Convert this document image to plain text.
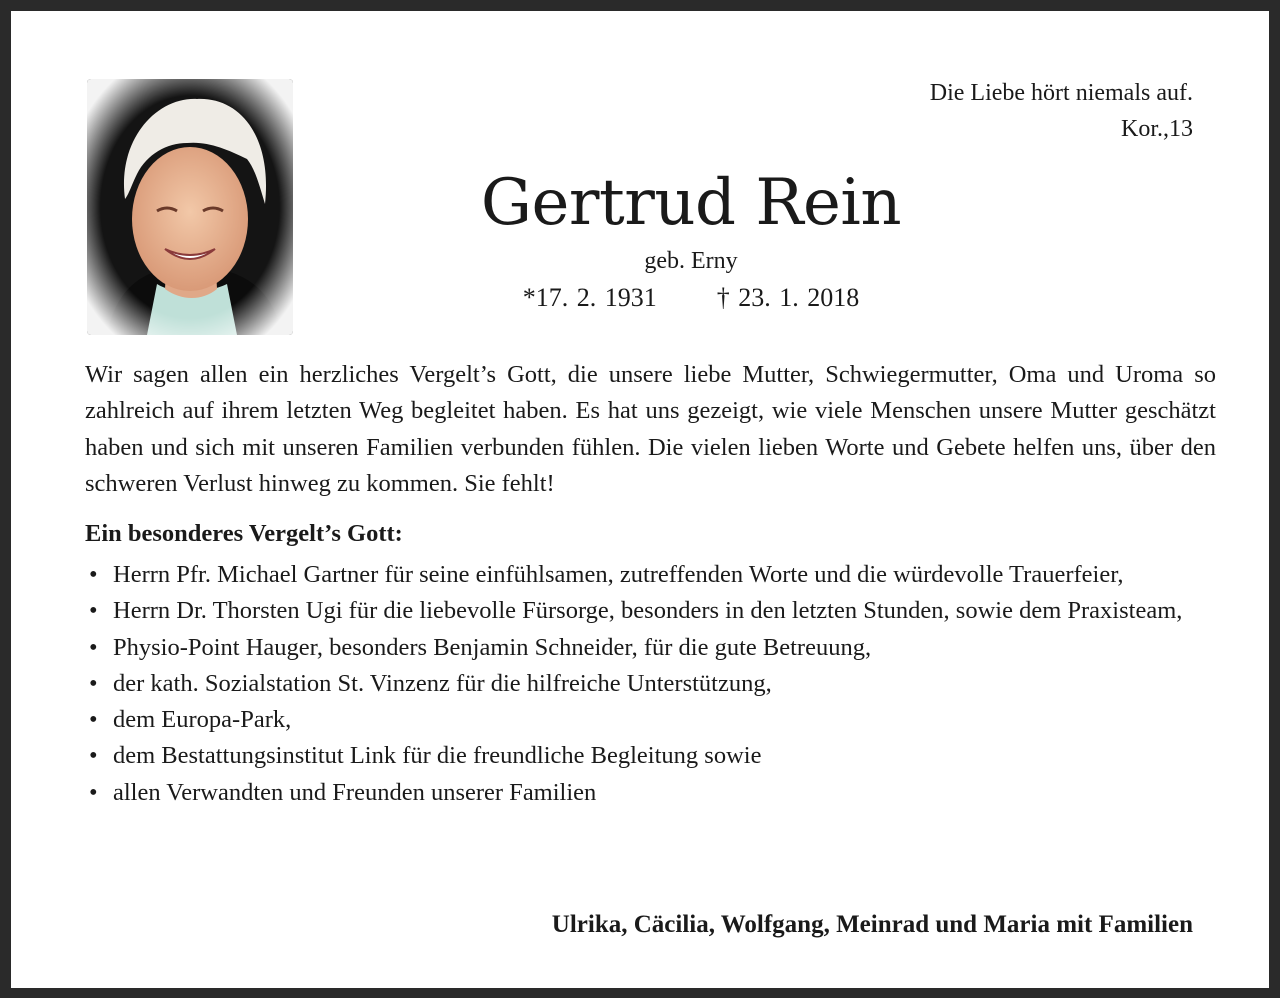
Die Liebe hört niemals auf.
Kor.,13
Gertrud Rein
geb. Erny
*17. 2. 1931 † 23. 1. 2018

Wir sagen allen ein herzliches Vergelt’s Gott, die unsere liebe Mutter, Schwiegermutter, Oma und Uroma so zahlreich auf ihrem letzten Weg begleitet haben. Es hat uns gezeigt, wie viele Menschen unsere Mutter geschätzt haben und sich mit unseren Familien verbunden fühlen. Die vielen lieben Worte und Gebete helfen uns, über den schweren Verlust hinweg zu kommen. Sie fehlt!

Ein besonderes Vergelt’s Gott:
• Herrn Pfr. Michael Gartner für seine einfühlsamen, zutreffenden Worte und die würdevolle Trauerfeier,
• Herrn Dr. Thorsten Ugi für die liebevolle Fürsorge, besonders in den letzten Stunden, sowie dem Praxisteam,
• Physio-Point Hauger, besonders Benjamin Schneider, für die gute Betreuung,
• der kath. Sozialstation St. Vinzenz für die hilfreiche Unterstützung,
• dem Europa-Park,
• dem Bestattungsinstitut Link für die freundliche Begleitung sowie
• allen Verwandten und Freunden unserer Familien
Ulrika, Cäcilia, Wolfgang, Meinrad und Maria mit Familien
